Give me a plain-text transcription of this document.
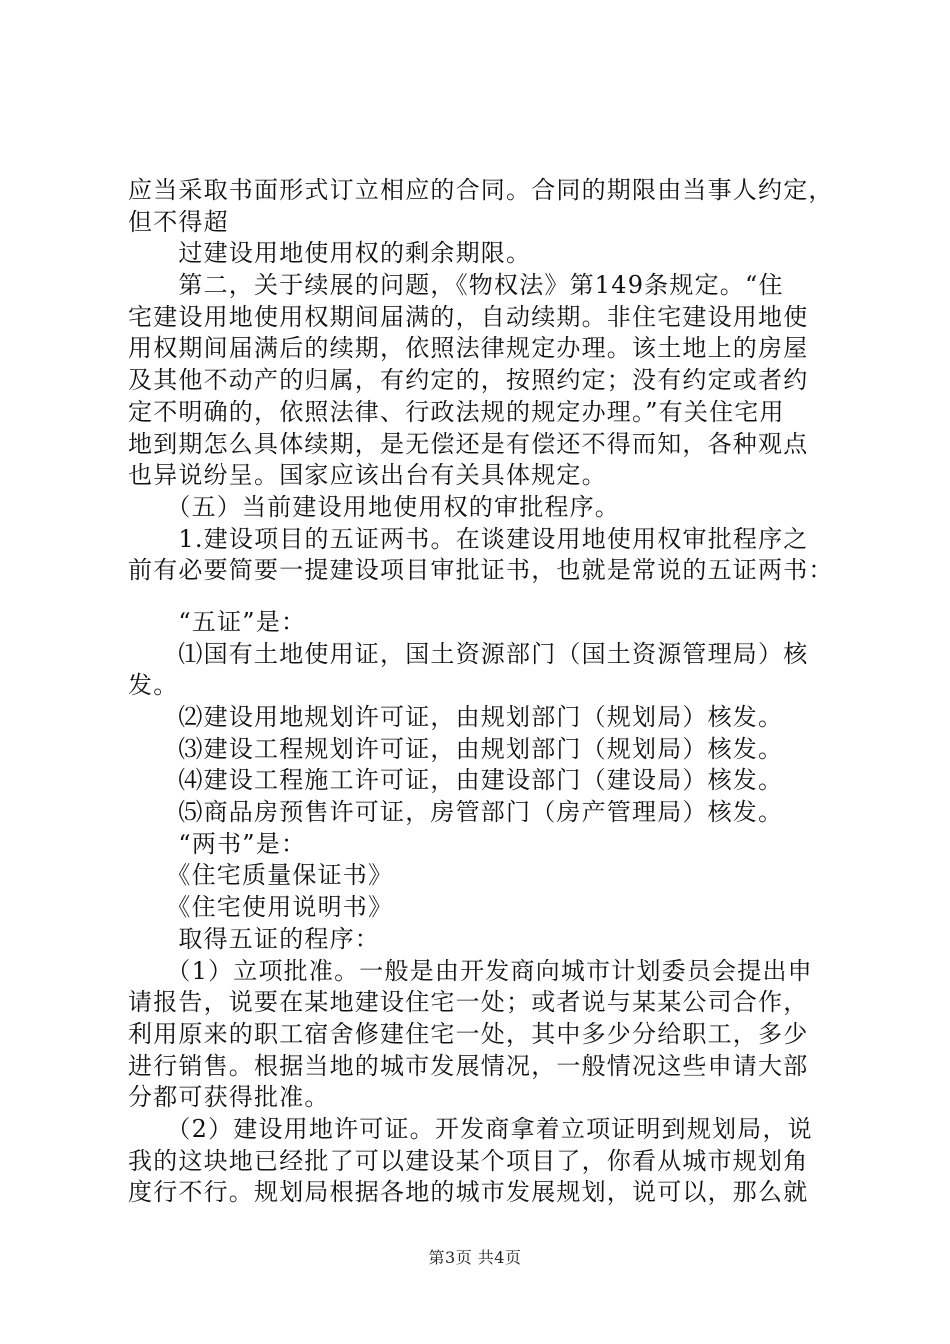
应当采取书面形式订立相应的合同。合同的期限由当事人约定，
但不得超
　　过建设用地使用权的剩余期限。
　　第二，关于续展的问题，《物权法》第149条规定。“住
宅建设用地使用权期间届满的，自动续期。非住宅建设用地使
用权期间届满后的续期，依照法律规定办理。该土地上的房屋
及其他不动产的归属，有约定的，按照约定；没有约定或者约
定不明确的，依照法律、行政法规的规定办理。”有关住宅用
地到期怎么具体续期，是无偿还是有偿还不得而知，各种观点
也异说纷呈。国家应该出台有关具体规定。
　　（五）当前建设用地使用权的审批程序。
　　1.建设项目的五证两书。在谈建设用地使用权审批程序之
前有必要简要一提建设项目审批证书，也就是常说的五证两书：
　　“五证”是：
　　⑴国有土地使用证，国土资源部门（国土资源管理局）核
发。
　　⑵建设用地规划许可证，由规划部门（规划局）核发。
　　⑶建设工程规划许可证，由规划部门（规划局）核发。
　　⑷建设工程施工许可证，由建设部门（建设局）核发。
　　⑸商品房预售许可证，房管部门（房产管理局）核发。
　　“两书”是：
　　《住宅质量保证书》
　　《住宅使用说明书》
　　取得五证的程序：
　　（1）立项批准。一般是由开发商向城市计划委员会提出申
请报告，说要在某地建设住宅一处；或者说与某某公司合作，
利用原来的职工宿舍修建住宅一处，其中多少分给职工，多少
进行销售。根据当地的城市发展情况，一般情况这些申请大部
分都可获得批准。
　　（2）建设用地许可证。开发商拿着立项证明到规划局，说
我的这块地已经批了可以建设某个项目了，你看从城市规划角
度行不行。规划局根据各地的城市发展规划，说可以，那么就
第3页 共4页
